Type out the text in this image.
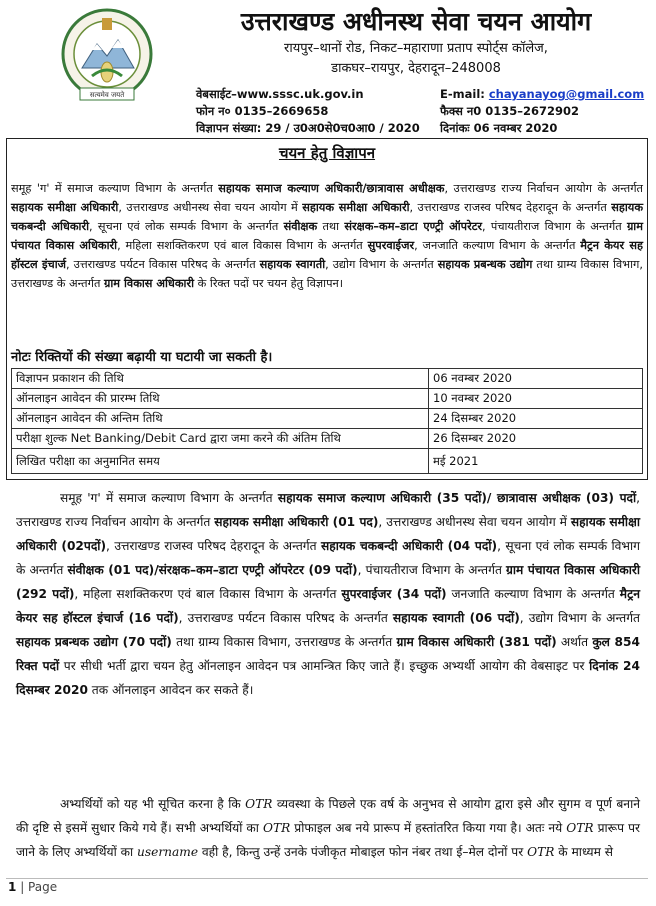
सत्यमेव जयते
उत्तराखण्ड अधीनस्थ सेवा चयन आयोग
रायपुर–थानों रोड, निकट–महाराणा प्रताप स्पोर्ट्स कॉलेज,
डाकघर–रायपुर, देहरादून–248008
वेबसाईट–www.sssc.uk.gov.in	E-mail: chayanayog@gmail.com
फोन न० 0135–2669658	फैक्स न0 0135–2672902
विज्ञापन संख्या: 29 / उ0अ0से0च0आ0 / 2020 दिनांकः 06 नवम्बर 2020
चयन हेतु विज्ञापन
समूह 'ग' में समाज कल्याण विभाग के अन्तर्गत सहायक समाज कल्याण अधिकारी/छात्रावास अधीक्षक, उत्तराखण्ड राज्य निर्वाचन आयोग के अन्तर्गत सहायक समीक्षा अधिकारी, उत्तराखण्ड अधीनस्थ सेवा चयन आयोग में सहायक समीक्षा अधिकारी, उत्तराखण्ड राजस्व परिषद देहरादून के अन्तर्गत सहायक चकबन्दी अधिकारी, सूचना एवं लोक सम्पर्क विभाग के अन्तर्गत संवीक्षक तथा संरक्षक–कम–डाटा एण्ट्री ऑपरेटर, पंचायतीराज विभाग के अन्तर्गत ग्राम पंचायत विकास अधिकारी, महिला सशक्तिकरण एवं बाल विकास विभाग के अन्तर्गत सुपरवाईजर, जनजाति कल्याण विभाग के अन्तर्गत मैट्रन केयर सह हॉस्टल इंचार्ज, उत्तराखण्ड पर्यटन विकास परिषद के अन्तर्गत सहायक स्वागती, उद्योग विभाग के अन्तर्गत सहायक प्रबन्धक उद्योग तथा ग्राम्य विकास विभाग, उत्तराखण्ड के अन्तर्गत ग्राम विकास अधिकारी के रिक्त पदों पर चयन हेतु विज्ञापन।
नोटः रिक्तियों की संख्या बढ़ायी या घटायी जा सकती है।
विज्ञापन प्रकाशन की तिथि	06 नवम्बर 2020
ऑनलाइन आवेदन की प्रारम्भ तिथि	10 नवम्बर 2020
ऑनलाइन आवेदन की अन्तिम तिथि	24 दिसम्बर 2020
परीक्षा शुल्क Net Banking/Debit Card द्वारा जमा करने की अंतिम तिथि	26 दिसम्बर 2020
लिखित परीक्षा का अनुमानित समय	मई 2021
समूह 'ग' में समाज कल्याण विभाग के अन्तर्गत सहायक समाज कल्याण अधिकारी (35 पदों)/ छात्रावास अधीक्षक (03) पदों, उत्तराखण्ड राज्य निर्वाचन आयोग के अन्तर्गत सहायक समीक्षा अधिकारी (01 पद), उत्तराखण्ड अधीनस्थ सेवा चयन आयोग में सहायक समीक्षा अधिकारी (02पदों), उत्तराखण्ड राजस्व परिषद देहरादून के अन्तर्गत सहायक चकबन्दी अधिकारी (04 पदों), सूचना एवं लोक सम्पर्क विभाग के अन्तर्गत संवीक्षक (01 पद)/संरक्षक–कम–डाटा एण्ट्री ऑपरेटर (09 पदों), पंचायतीराज विभाग के अन्तर्गत ग्राम पंचायत विकास अधिकारी (292 पदों), महिला सशक्तिकरण एवं बाल विकास विभाग के अन्तर्गत सुपरवाईजर (34 पदों) जनजाति कल्याण विभाग के अन्तर्गत मैट्रन केयर सह हॉस्टल इंचार्ज (16 पदों), उत्तराखण्ड पर्यटन विकास परिषद के अन्तर्गत सहायक स्वागती (06 पदों), उद्योग विभाग के अन्तर्गत सहायक प्रबन्धक उद्योग (70 पदों) तथा ग्राम्य विकास विभाग, उत्तराखण्ड के अन्तर्गत ग्राम विकास अधिकारी (381 पदों) अर्थात कुल 854 रिक्त पदों पर सीधी भर्ती द्वारा चयन हेतु ऑनलाइन आवेदन पत्र आमन्त्रित किए जाते हैं। इच्छुक अभ्यर्थी आयोग की वेबसाइट पर दिनांक 24 दिसम्बर 2020 तक ऑनलाइन आवेदन कर सकते हैं।
अभ्यर्थियों को यह भी सूचित करना है कि OTR व्यवस्था के पिछले एक वर्ष के अनुभव से आयोग द्वारा इसे और सुगम व पूर्ण बनाने की दृष्टि से इसमें सुधार किये गये हैं। सभी अभ्यर्थियों का OTR प्रोफाइल अब नये प्रारूप में हस्तांतरित किया गया है। अतः नये OTR प्रारूप पर जाने के लिए अभ्यर्थियों का username वही है, किन्तु उन्हें उनके पंजीकृत मोबाइल फोन नंबर तथा ई–मेल दोनों पर OTR के माध्यम से
1 | Page
